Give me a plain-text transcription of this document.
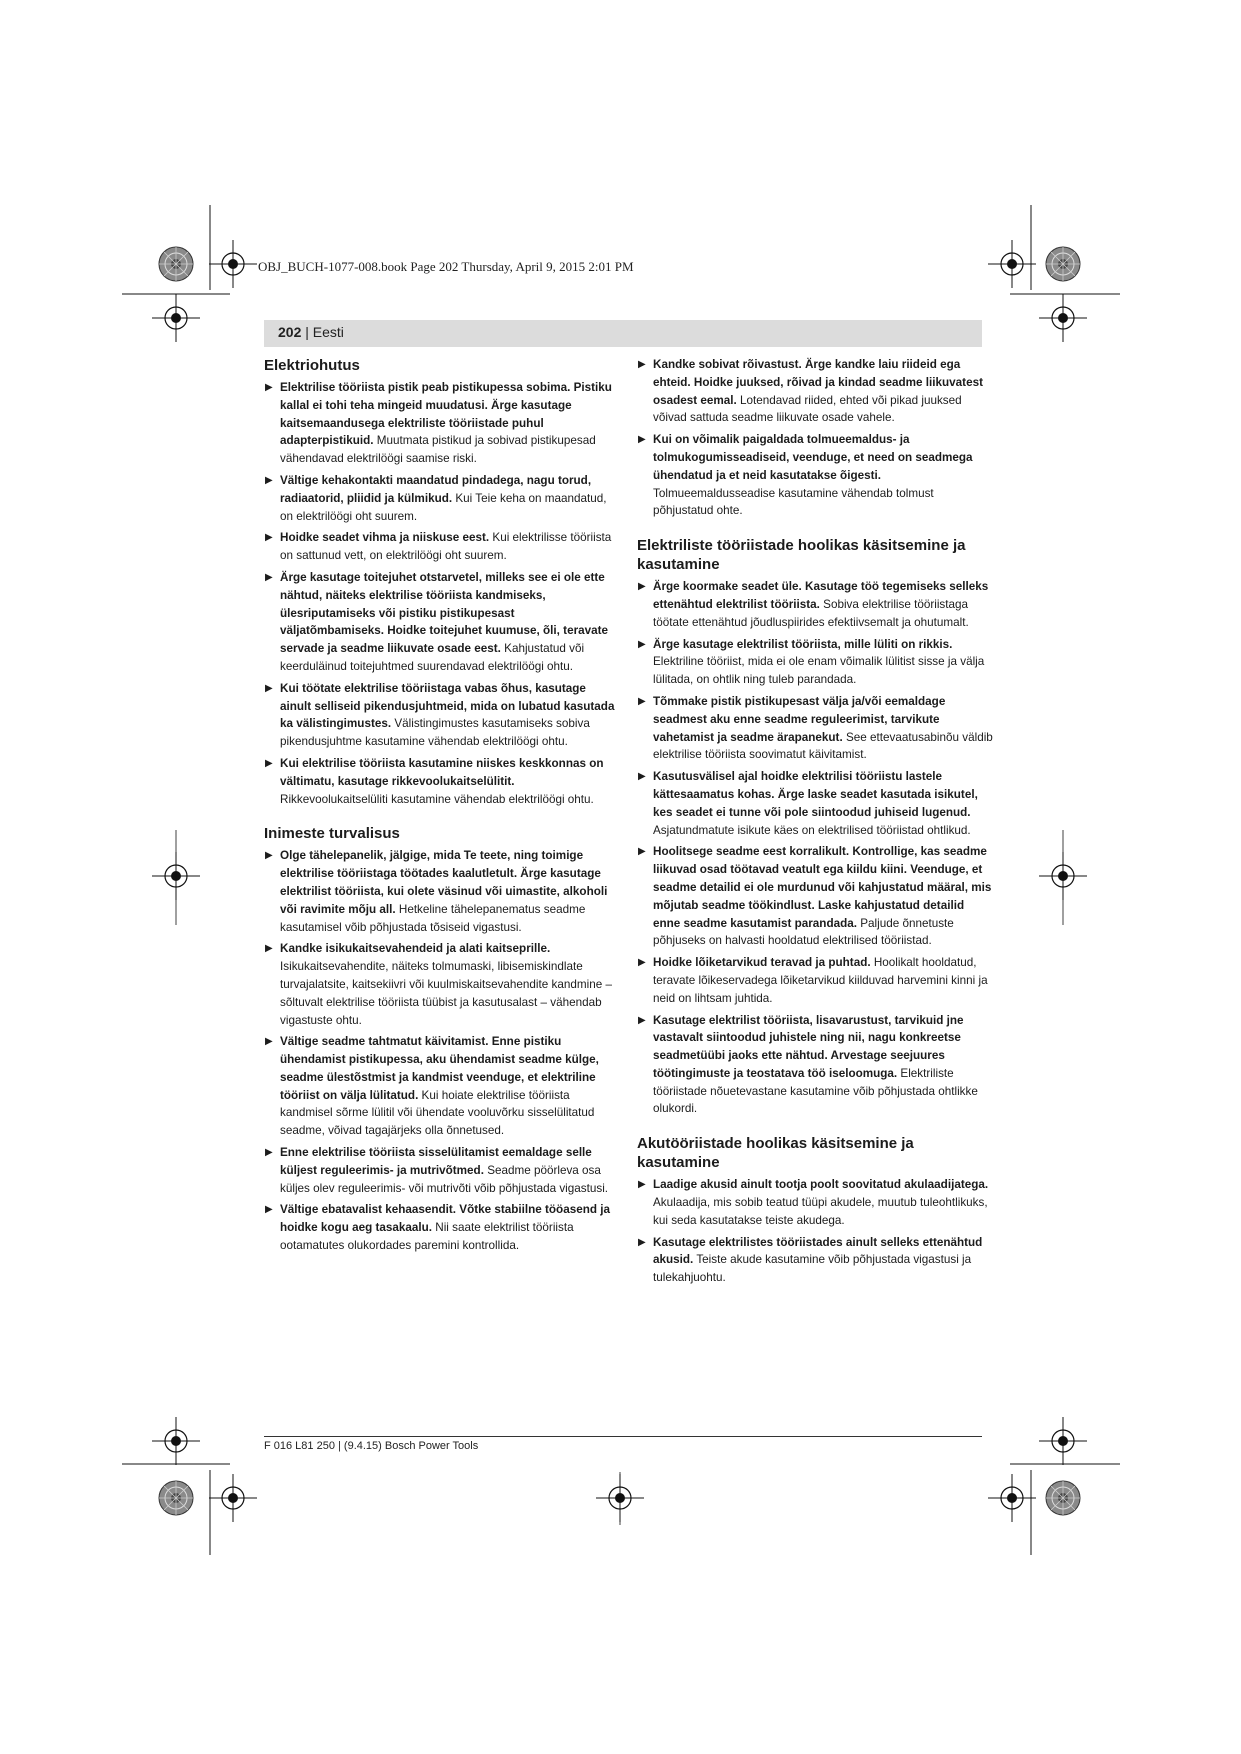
OBJ_BUCH-1077-008.book Page 202 Thursday, April 9, 2015 2:01 PM
202 | Eesti
Elektriohutus
▶ Elektrilise tööriista pistik peab pistikupessa sobima. Pistiku kallal ei tohi teha mingeid muudatusi. Ärge kasutage kaitsemaandusega elektriliste tööriistade puhul adapterpistikuid. Muutmata pistikud ja sobivad pistikupesad vähendavad elektrilöögi saamise riski.
▶ Vältige kehakontakti maandatud pindadega, nagu torud, radiaatorid, pliidid ja külmikud. Kui Teie keha on maandatud, on elektrilöögi oht suurem.
▶ Hoidke seadet vihma ja niiskuse eest. Kui elektrilisse tööriista on sattunud vett, on elektrilöögi oht suurem.
▶ Ärge kasutage toitejuhet otstarvetel, milleks see ei ole ette nähtud, näiteks elektrilise tööriista kandmiseks, ülesriputamiseks või pistiku pistikupesast väljatõmbamiseks. Hoidke toitejuhet kuumuse, õli, teravate servade ja seadme liikuvate osade eest. Kahjustatud või keerduläinud toitejuhtmed suurendavad elektrilöögi ohtu.
▶ Kui töötate elektrilise tööriistaga vabas õhus, kasutage ainult selliseid pikendusjuhtmeid, mida on lubatud kasutada ka välistingimustes. Välistingimustes kasutamiseks sobiva pikendusjuhtme kasutamine vähendab elektrilöögi ohtu.
▶ Kui elektrilise tööriista kasutamine niiskes keskkonnas on vältimatu, kasutage rikkevoolukaitselülitit. Rikkevoolukaitselüliti kasutamine vähendab elektrilöögi ohtu.
Inimeste turvalisus
▶ Olge tähelepanelik, jälgige, mida Te teete, ning toimige elektrilise tööriistaga töötades kaalutletult. Ärge kasutage elektrilist tööriista, kui olete väsinud või uimastite, alkoholi või ravimite mõju all. Hetkeline tähelepanematus seadme kasutamisel võib põhjustada tõsiseid vigastusi.
▶ Kandke isikukaitsevahendeid ja alati kaitseprille. Isikukaitsevahendite, näiteks tolmumaski, libisemiskindlate turvajalatsite, kaitsekiivri või kuulmiskaitsevahendite kandmine – sõltuvalt elektrilise tööriista tüübist ja kasutusalast – vähendab vigastuste ohtu.
▶ Vältige seadme tahtmatut käivitamist. Enne pistiku ühendamist pistikupessa, aku ühendamist seadme külge, seadme ülestõstmist ja kandmist veenduge, et elektriline tööriist on välja lülitatud. Kui hoiate elektrilise tööriista kandmisel sõrme lülitil või ühendate vooluvõrku sisselülitatud seadme, võivad tagajärjeks olla õnnetused.
▶ Enne elektrilise tööriista sisselülitamist eemaldage selle küljest reguleerimis- ja mutrivõtmed. Seadme pöörleva osa küljes olev reguleerimis- või mutrivõti võib põhjustada vigastusi.
▶ Vältige ebatavalist kehaasendit. Võtke stabiilne tööasend ja hoidke kogu aeg tasakaalu. Nii saate elektrilist tööriista ootamatutes olukordades paremini kontrollida.
▶ Kandke sobivat rõivastust. Ärge kandke laiu riideid ega ehteid. Hoidke juuksed, rõivad ja kindad seadme liikuvatest osadest eemal. Lotendavad riided, ehted või pikad juuksed võivad sattuda seadme liikuvate osade vahele.
▶ Kui on võimalik paigaldada tolmueemaldus- ja tolmukogumisseadiseid, veenduge, et need on seadmega ühendatud ja et neid kasutatakse õigesti. Tolmueemaldusseadise kasutamine vähendab tolmust põhjustatud ohte.
Elektriliste tööriistade hoolikas käsitsemine ja kasutamine
▶ Ärge koormake seadet üle. Kasutage töö tegemiseks selleks ettenähtud elektrilist tööriista. Sobiva elektrilise tööriistaga töötate ettenähtud jõudluspiirides efektiivsemalt ja ohutumalt.
▶ Ärge kasutage elektrilist tööriista, mille lüliti on rikkis. Elektriline tööriist, mida ei ole enam võimalik lülitist sisse ja välja lülitada, on ohtlik ning tuleb parandada.
▶ Tõmmake pistik pistikupesast välja ja/või eemaldage seadmest aku enne seadme reguleerimist, tarvikute vahetamist ja seadme ärapanekut. See ettevaatusabinõu väldib elektrilise tööriista soovimatut käivitamist.
▶ Kasutusvälisel ajal hoidke elektrilisi tööriistu lastele kättesaamatus kohas. Ärge laske seadet kasutada isikutel, kes seadet ei tunne või pole siintoodud juhiseid lugenud. Asjatundmatute isikute käes on elektrilised tööriistad ohtlikud.
▶ Hoolitsege seadme eest korralikult. Kontrollige, kas seadme liikuvad osad töötavad veatult ega kiildu kiini. Veenduge, et seadme detailid ei ole murdunud või kahjustatud määral, mis mõjutab seadme töökindlust. Laske kahjustatud detailid enne seadme kasutamist parandada. Paljude õnnetuste põhjuseks on halvasti hooldatud elektrilised tööriistad.
▶ Hoidke lõiketarvikud teravad ja puhtad. Hoolikalt hooldatud, teravate lõikeservadega lõiketarvikud kiilduvad harvemini kinni ja neid on lihtsam juhtida.
▶ Kasutage elektrilist tööriista, lisavarustust, tarvikuid jne vastavalt siintoodud juhistele ning nii, nagu konkreetse seadmetüübi jaoks ette nähtud. Arvestage seejuures töötingimuste ja teostatava töö iseloomuga. Elektriliste tööriistade nõuetevastane kasutamine võib põhjustada ohtlikke olukordi.
Akutööriistade hoolikas käsitsemine ja kasutamine
▶ Laadige akusid ainult tootja poolt soovitatud akulaadijatega. Akulaadija, mis sobib teatud tüüpi akudele, muutub tuleohtlikuks, kui seda kasutatakse teiste akudega.
▶ Kasutage elektrilistes tööriistades ainult selleks ettenähtud akusid. Teiste akude kasutamine võib põhjustada vigastusi ja tulekahjuohtu.
F 016 L81 250 | (9.4.15) Bosch Power Tools
